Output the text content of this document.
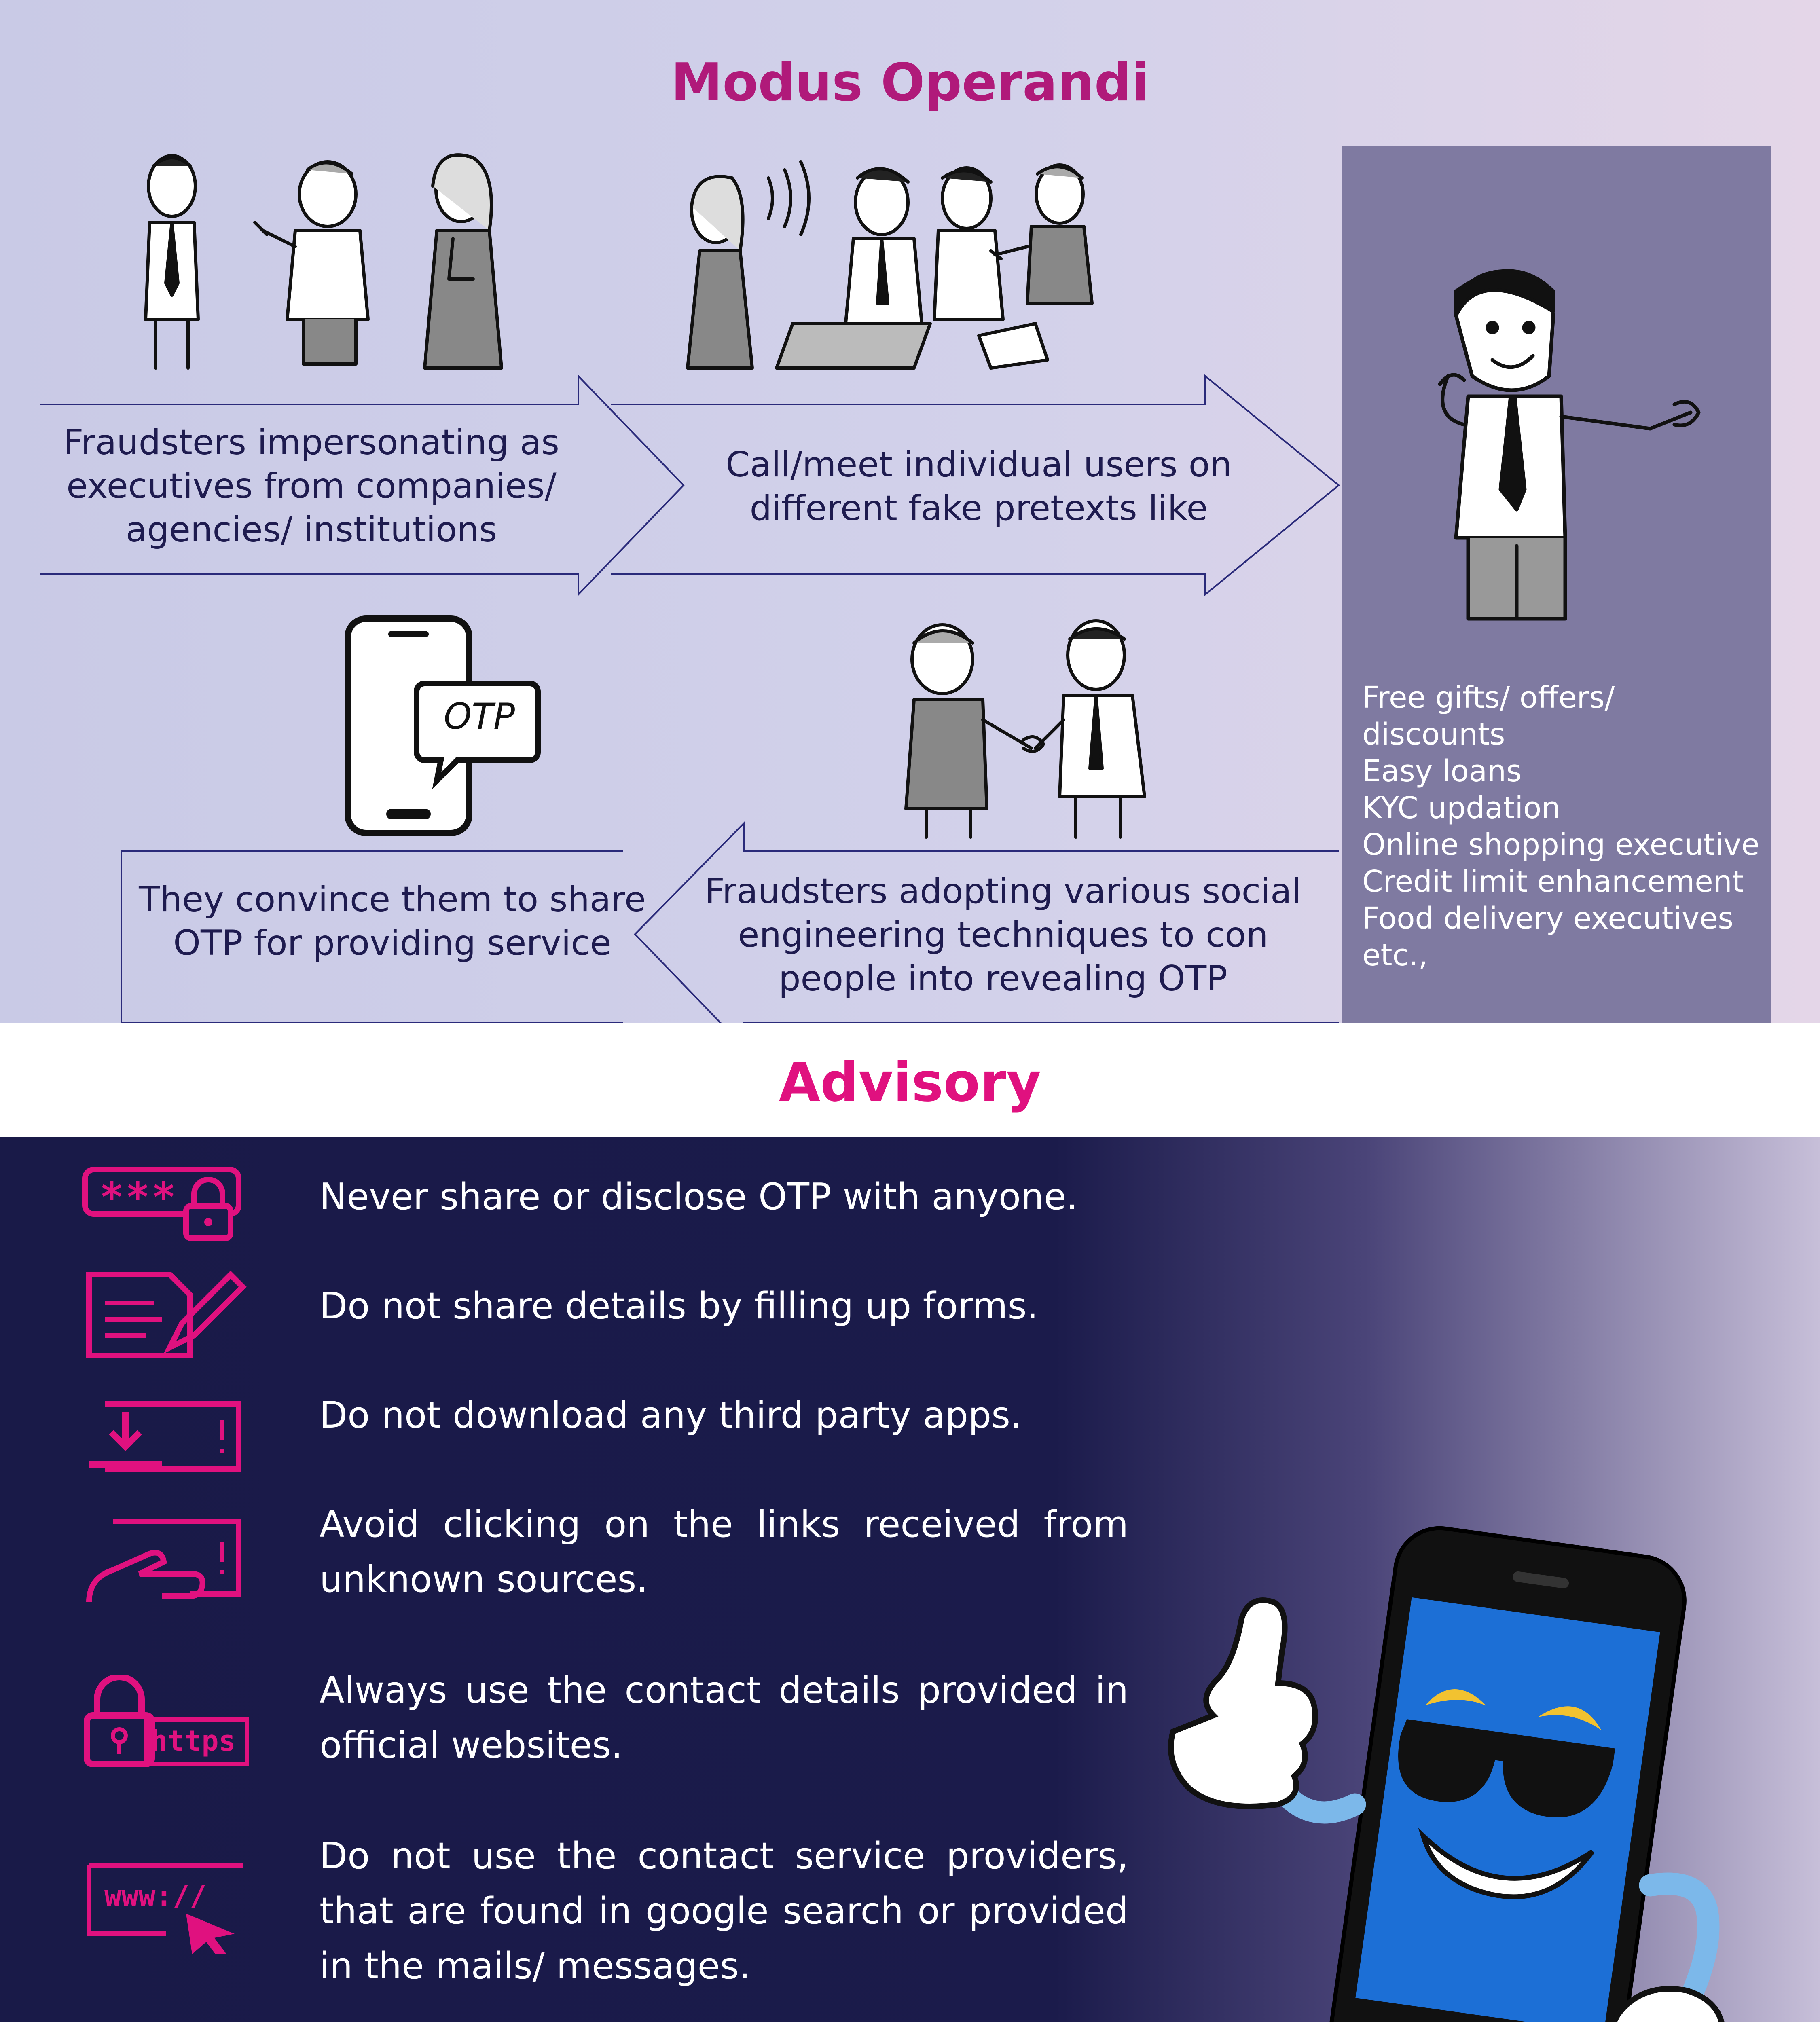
Modus Operandi
Fraudsters impersonating as executives from companies/ agencies/ institutions
Call/meet individual users on different fake pretexts like
Free gifts/ offers/ discounts
Easy loans
KYC updation
Online shopping executive
Credit limit enhancement
Food delivery executives
etc.,
OTP
They convince them to share OTP for providing service
Fraudsters adopting various social engineering techniques to con people into revealing OTP
Advisory
***
https
www://
Never share or disclose OTP with anyone.
Do not share details by filling up forms.
Do not download any third party apps.
Avoid clicking on the links received from unknown sources.
Always use the contact details provided in official websites.
Do not use the contact service providers, that are found in google search or provided in the mails/ messages.
